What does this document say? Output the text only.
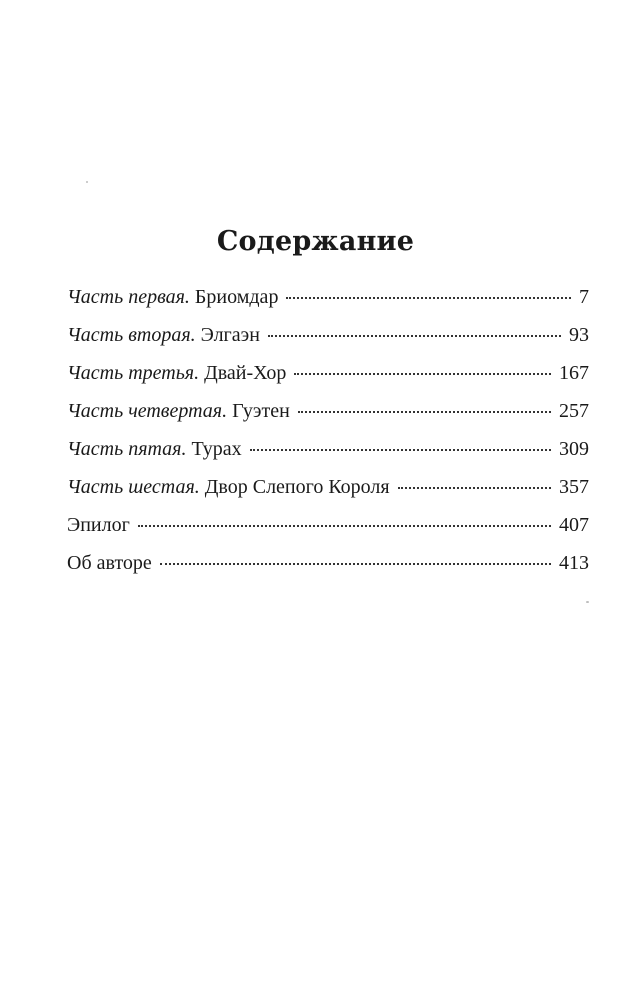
Содержание
Часть первая. Бриомдар	7
Часть вторая. Элгаэн	93
Часть третья. Двай-Хор	167
Часть четвертая. Гуэтен	257
Часть пятая. Турах	309
Часть шестая. Двор Слепого Короля	357
Эпилог	407
Об авторе	413
